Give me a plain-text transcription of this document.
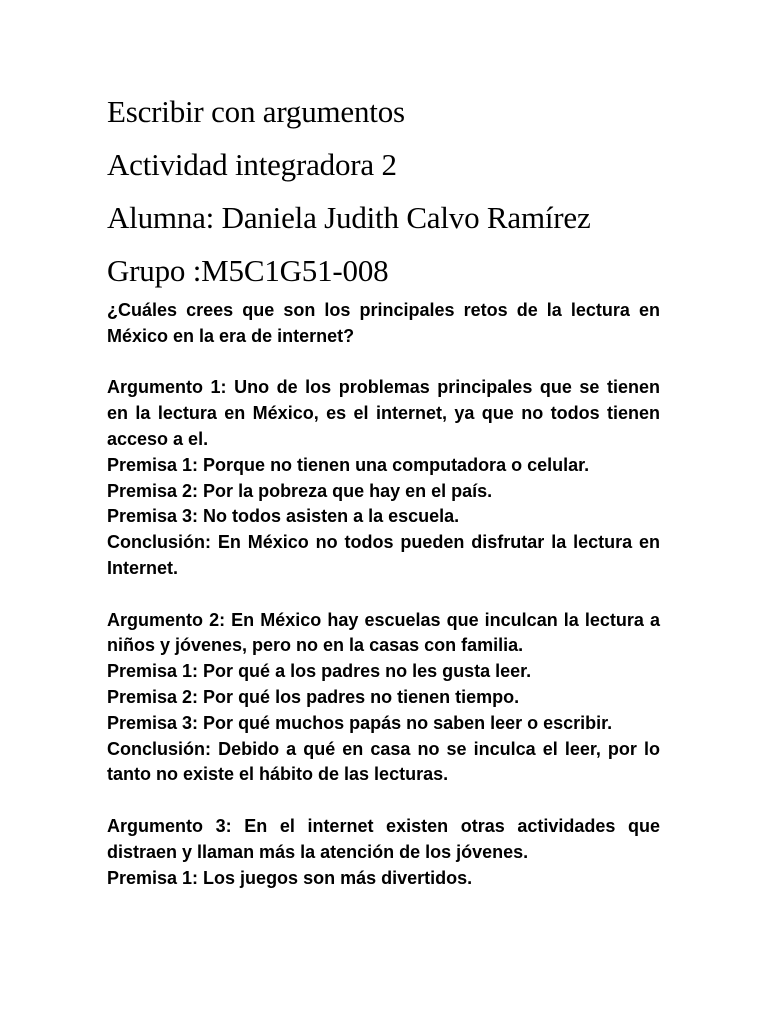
Escribir con argumentos
Actividad integradora 2
Alumna: Daniela Judith Calvo Ramírez
Grupo :M5C1G51-008

¿Cuáles crees que son los principales retos de la lectura en México en la era de internet?

Argumento 1: Uno de los problemas principales que se tienen en la lectura en México, es el internet, ya que no todos tienen acceso a el.

Premisa 1: Porque no tienen una computadora o celular.

Premisa 2: Por la pobreza que hay en el país.

Premisa 3: No todos asisten a la escuela.

Conclusión: En México no todos pueden disfrutar la lectura en Internet.

Argumento 2: En México hay escuelas que inculcan la lectura a niños y jóvenes, pero no en la casas con familia.

Premisa 1: Por qué a los padres no les gusta leer.

Premisa 2: Por qué los padres no tienen tiempo.

Premisa 3: Por qué muchos papás no saben leer o escribir.

Conclusión: Debido a qué en casa no se inculca el leer, por lo tanto no existe el hábito de las lecturas.

Argumento 3: En el internet existen otras actividades que distraen y llaman más la atención de los jóvenes.

Premisa 1: Los juegos son más divertidos.
